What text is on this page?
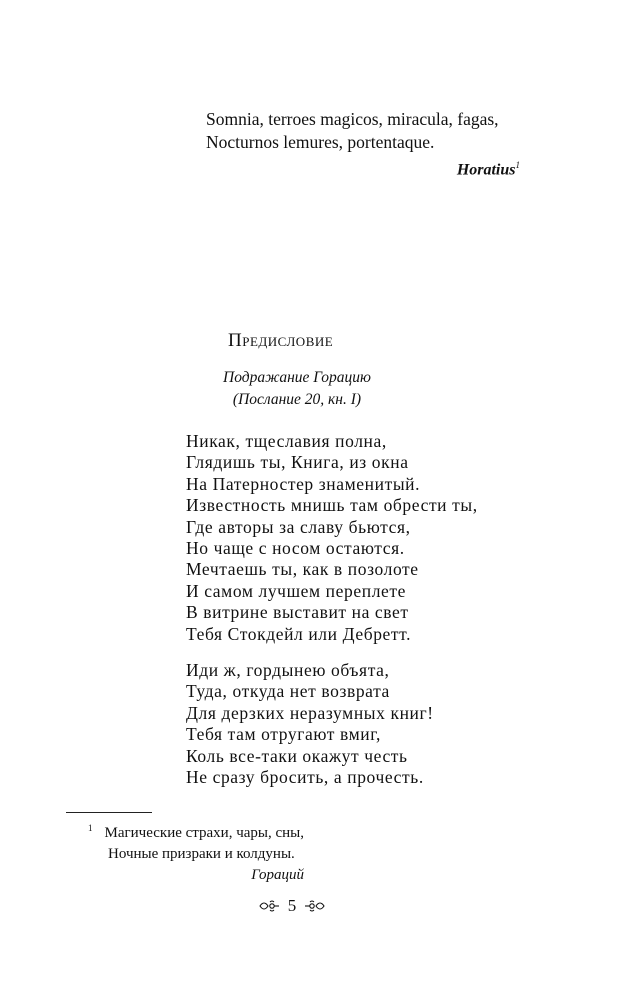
Somnia, terroes magicos, miracula, fagas,
Nocturnos lemures, portentaque.
Horatius$^1$
Предисловие
Подражание Горацию
(Послание 20, кн. I)
Никак, тщеславия полна,
Глядишь ты, Книга, из окна
На Патерностер знаменитый.
Известность мнишь там обрести ты,
Где авторы за славу бьются,
Но чаще с носом остаются.
Мечтаешь ты, как в позолоте
И самом лучшем переплете
В витрине выставит на свет
Тебя Стокдейл или Дебретт.
Иди ж, гордынею объята,
Туда, откуда нет возврата
Для дерзких неразумных книг!
Тебя там отругают вмиг,
Коль все-таки окажут честь
Не сразу бросить, а прочесть.
$^1$ Магические страхи, чары, сны,
Ночные призраки и колдуны.
Гораций
5
